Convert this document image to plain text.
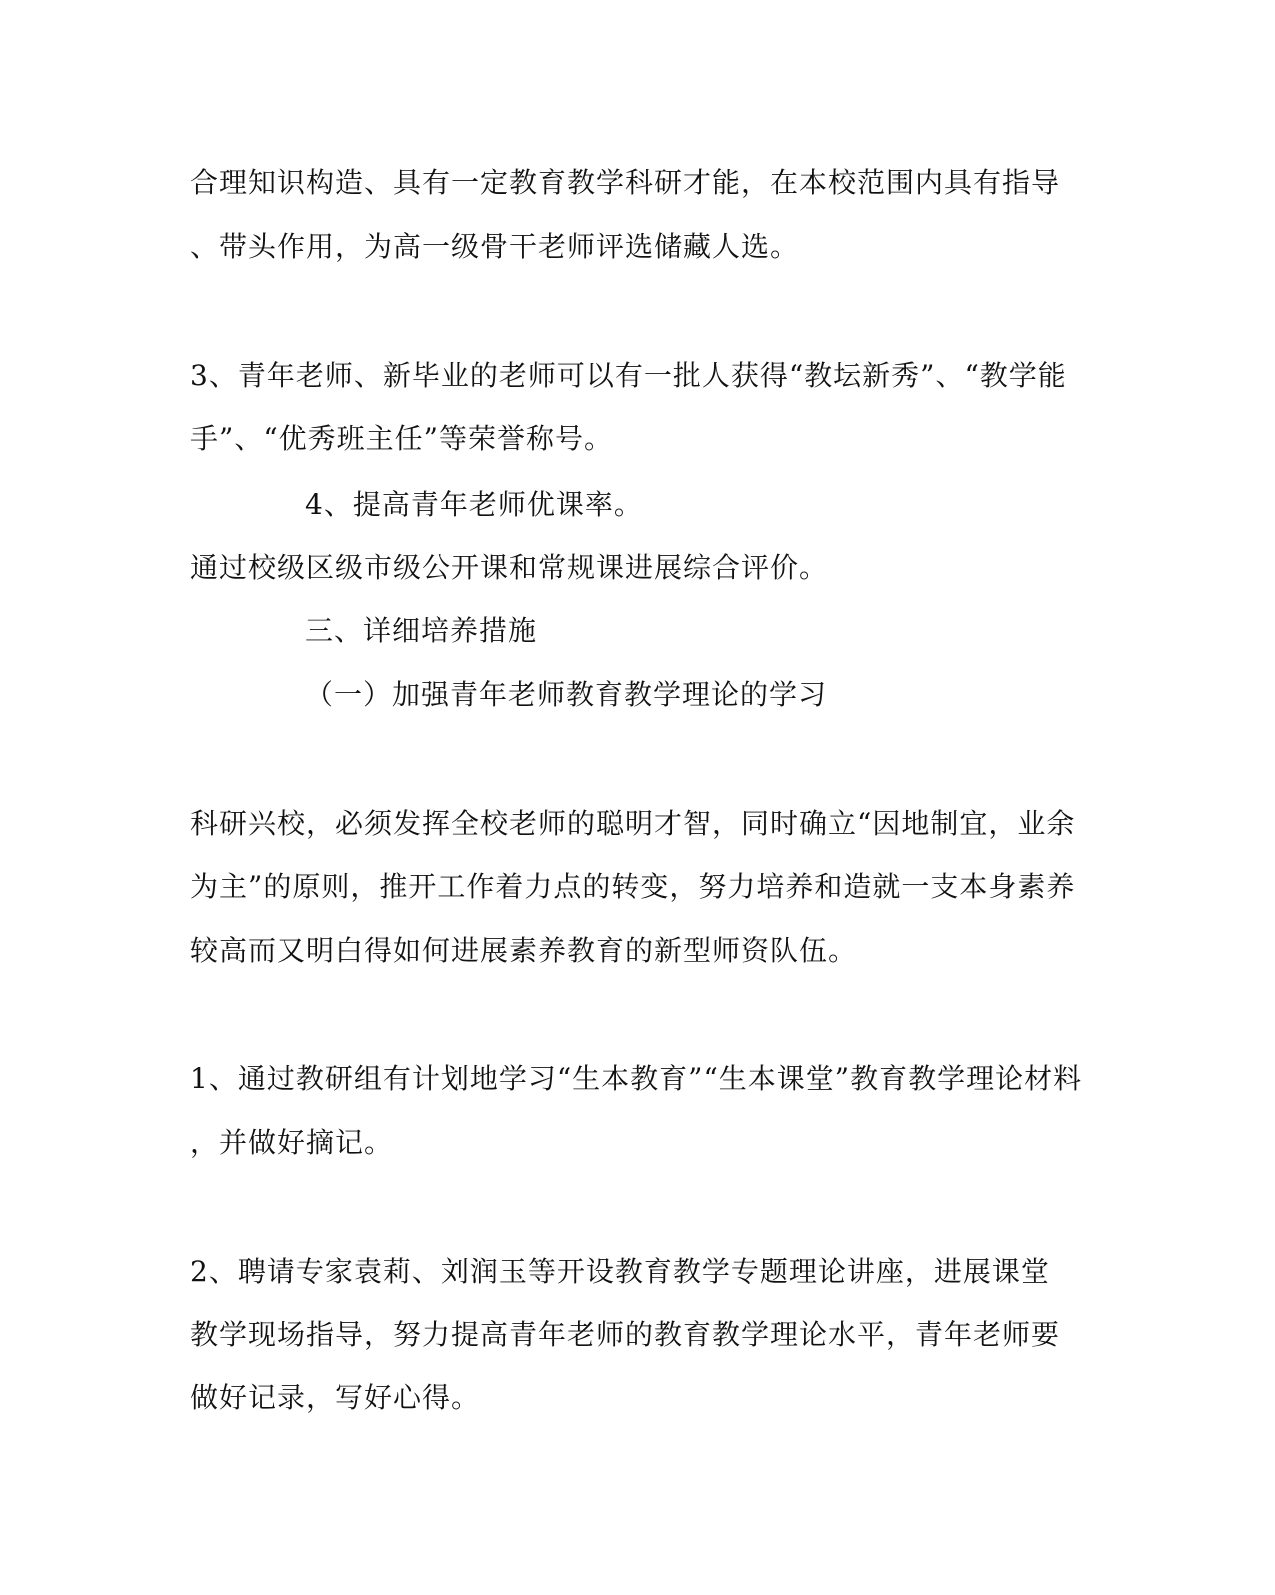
合理知识构造、具有一定教育教学科研才能，在本校范围内具有指导
、带头作用，为高一级骨干老师评选储藏人选。
3、青年老师、新毕业的老师可以有一批人获得“教坛新秀”、“教学能
手”、“优秀班主任”等荣誉称号。
4、提高青年老师优课率。
通过校级区级市级公开课和常规课进展综合评价。
三、详细培养措施
（一）加强青年老师教育教学理论的学习
科研兴校，必须发挥全校老师的聪明才智，同时确立“因地制宜，业余
为主”的原则，推开工作着力点的转变，努力培养和造就一支本身素养
较高而又明白得如何进展素养教育的新型师资队伍。
1、通过教研组有计划地学习“生本教育”“生本课堂”教育教学理论材料
，并做好摘记。
2、聘请专家袁莉、刘润玉等开设教育教学专题理论讲座，进展课堂
教学现场指导，努力提高青年老师的教育教学理论水平，青年老师要
做好记录，写好心得。
